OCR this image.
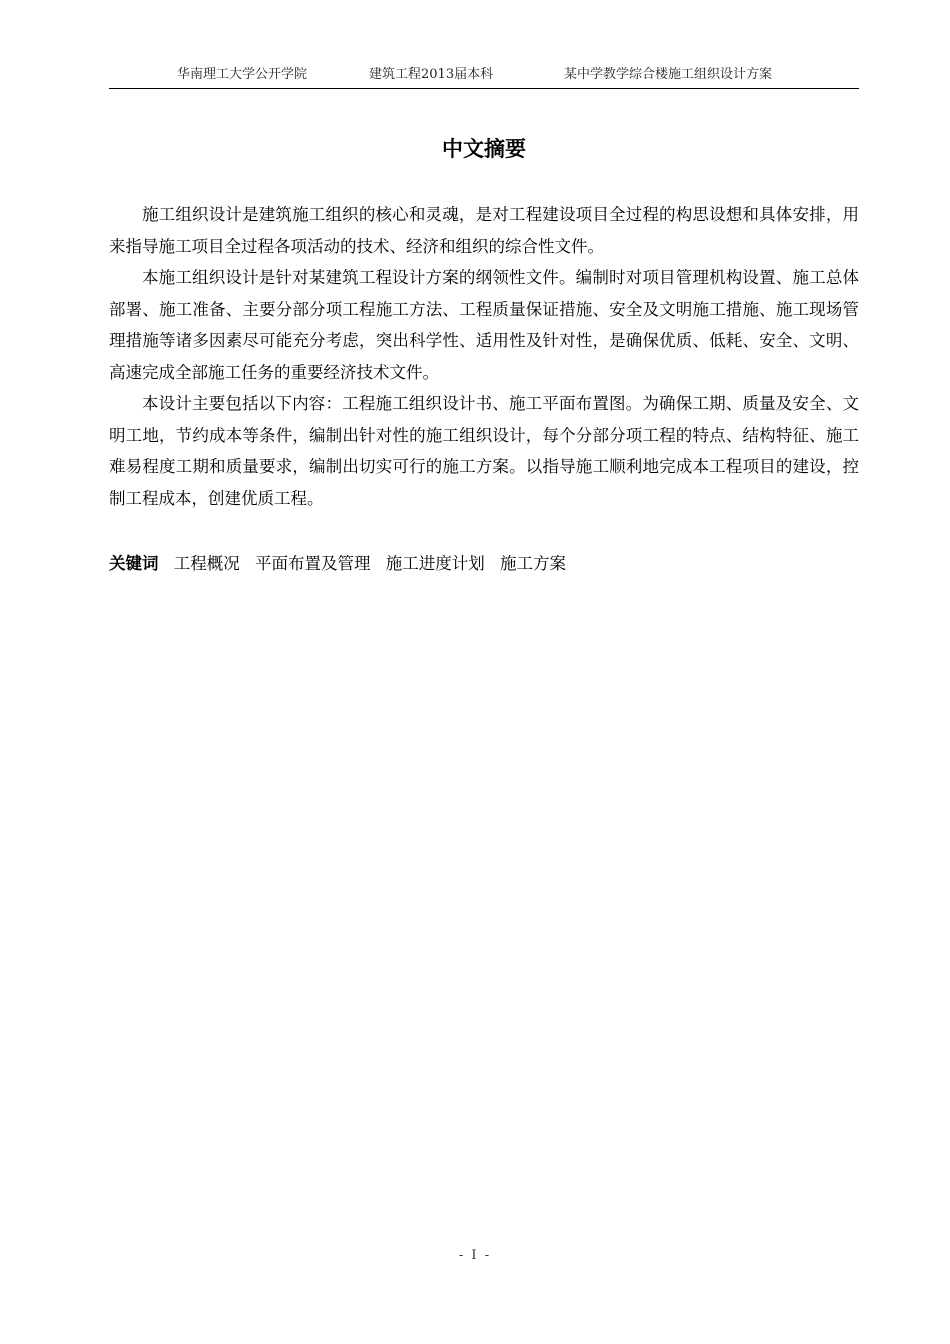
华南理工大学公开学院	建筑工程2013届本科	某中学教学综合楼施工组织设计方案
中文摘要

施工组织设计是建筑施工组织的核心和灵魂，是对工程建设项目全过程的构思设想和具体安排，用来指导施工项目全过程各项活动的技术、经济和组织的综合性文件。

本施工组织设计是针对某建筑工程设计方案的纲领性文件。编制时对项目管理机构设置、施工总体部署、施工准备、主要分部分项工程施工方法、工程质量保证措施、安全及文明施工措施、施工现场管理措施等诸多因素尽可能充分考虑，突出科学性、适用性及针对性，是确保优质、低耗、安全、文明、高速完成全部施工任务的重要经济技术文件。

本设计主要包括以下内容：工程施工组织设计书、施工平面布置图。为确保工期、质量及安全、文明工地，节约成本等条件，编制出针对性的施工组织设计，每个分部分项工程的特点、结构特征、施工难易程度工期和质量要求，编制出切实可行的施工方案。以指导施工顺利地完成本工程项目的建设，控制工程成本，创建优质工程。

关键词 工程概况 平面布置及管理 施工进度计划 施工方案
- I -
